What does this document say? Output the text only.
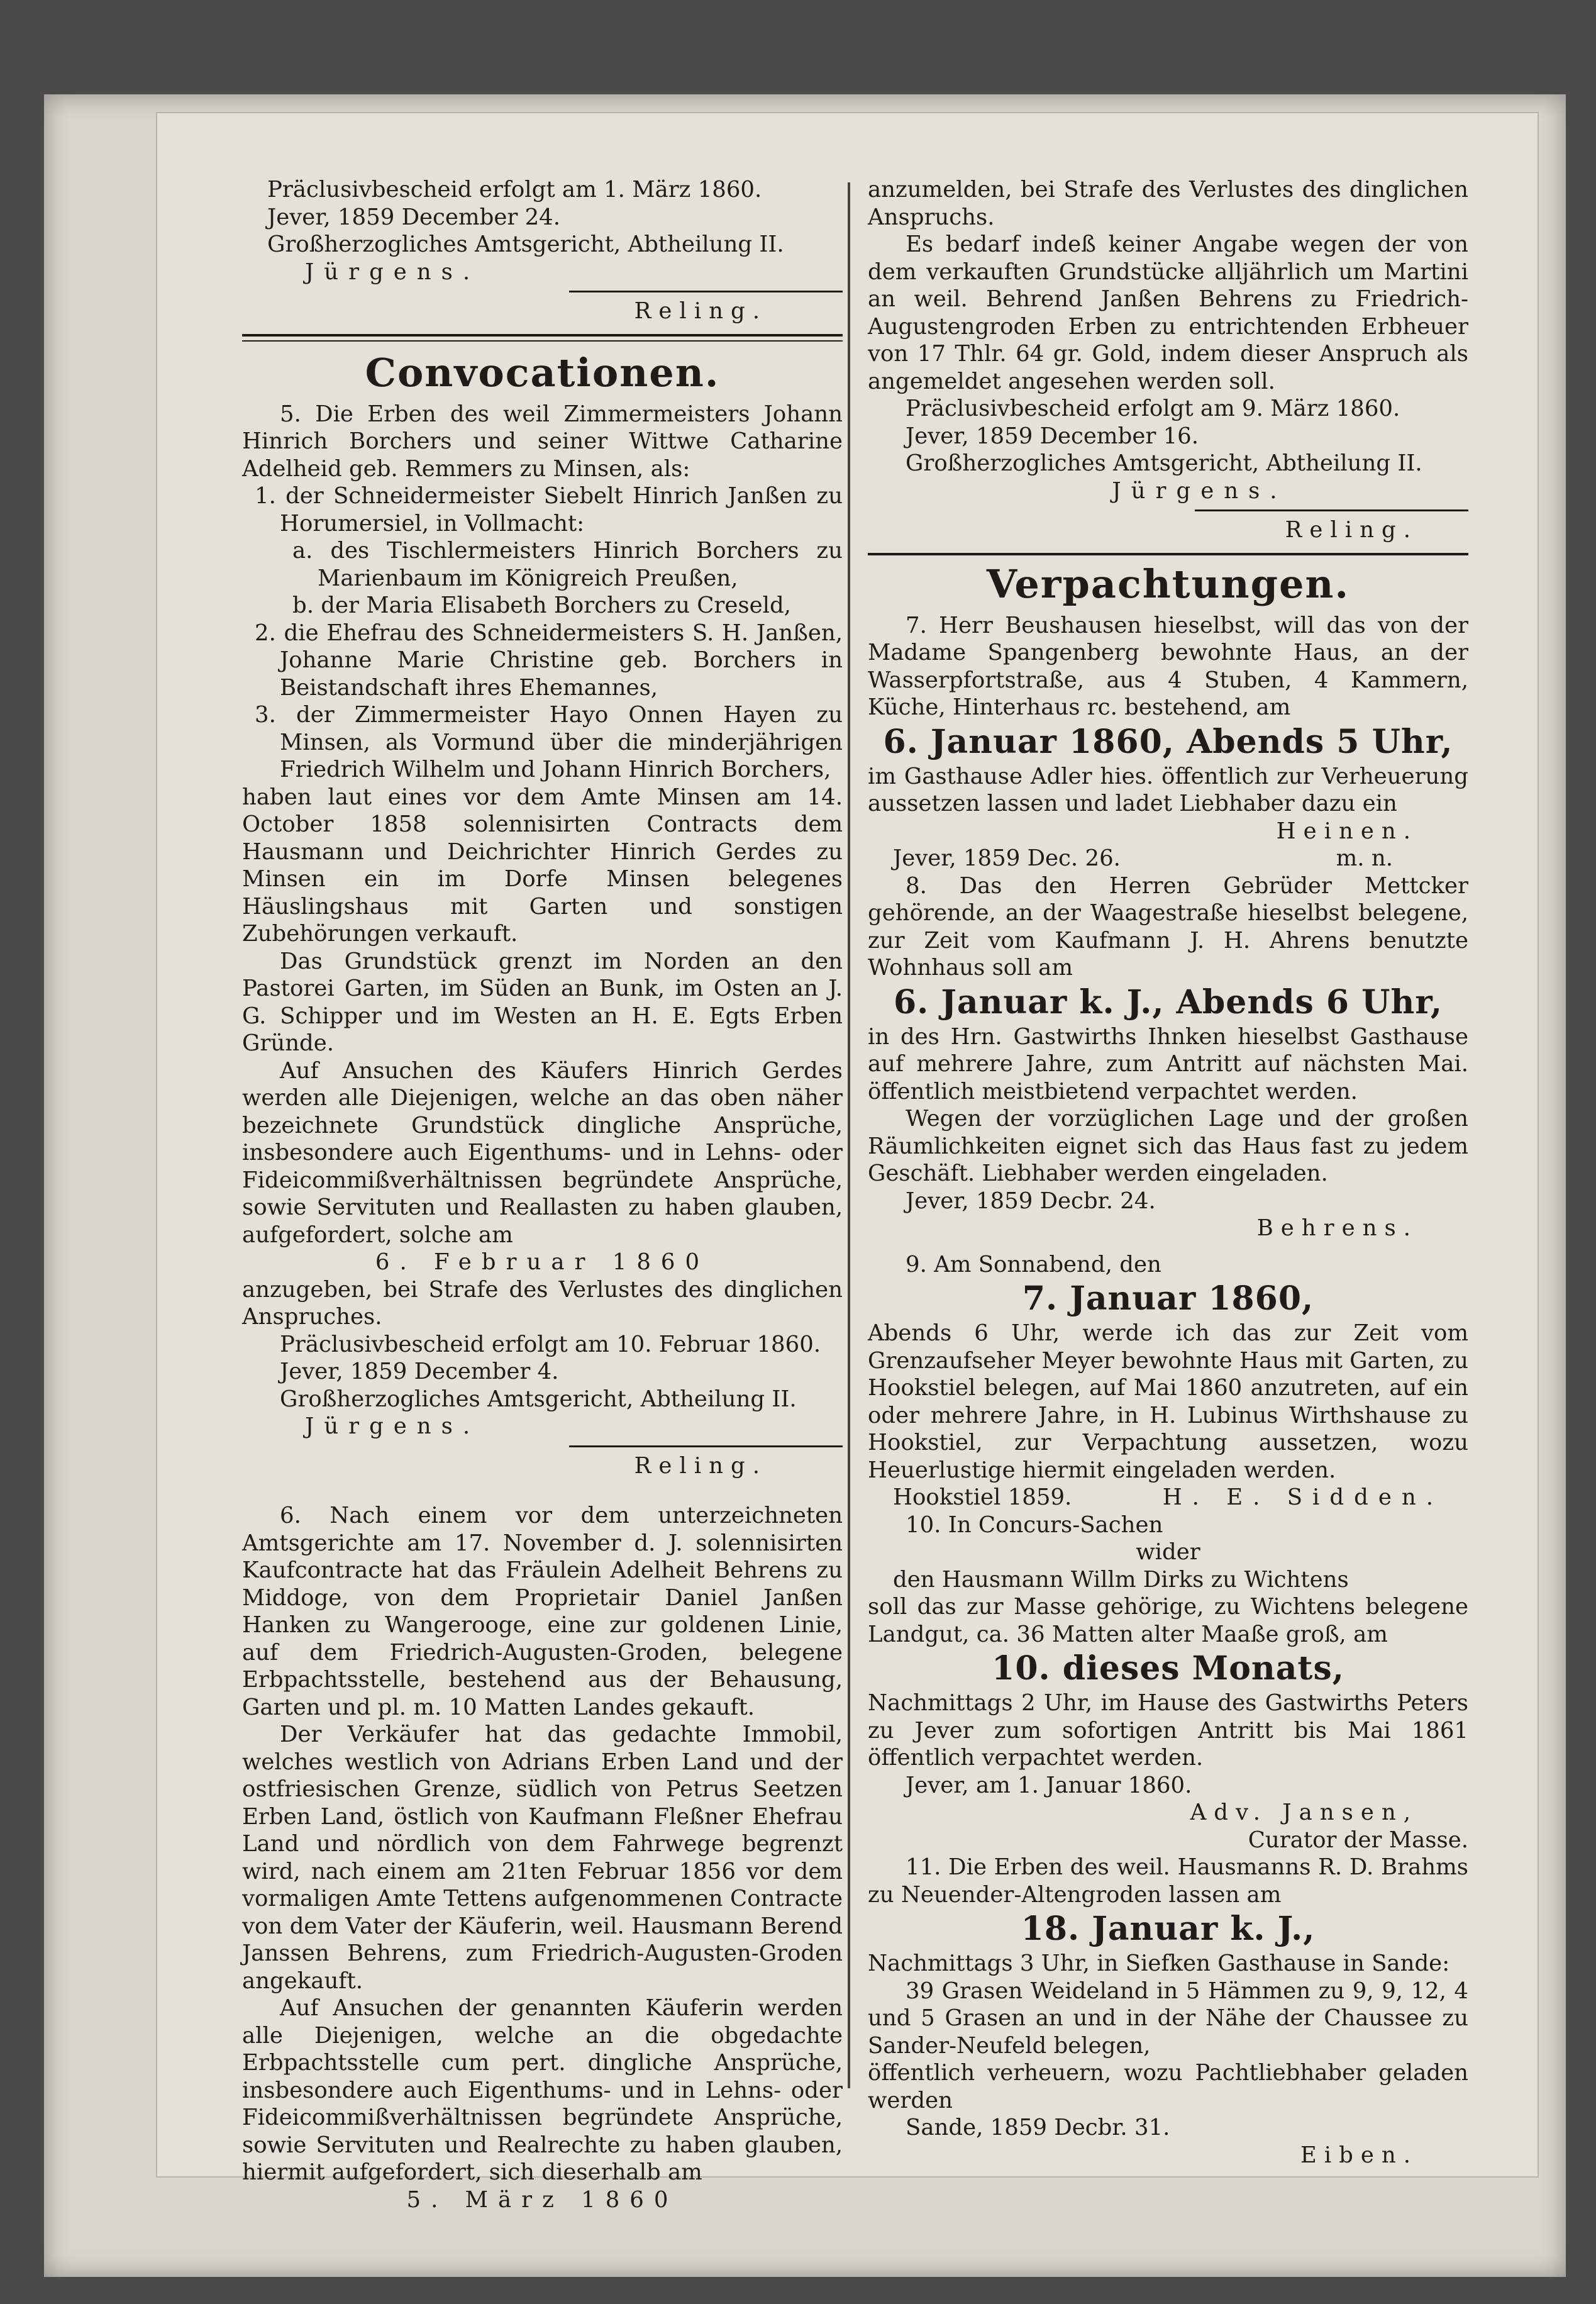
Präclusivbescheid erfolgt am 1. März 1860.

Jever, 1859 December 24.

Großherzogliches Amtsgericht, Abtheilung II.

Jürgens.

Reling.

Convocationen.

5. Die Erben des weil Zimmermeisters Johann Hinrich Borchers und seiner Wittwe Catharine Adelheid geb. Remmers zu Minsen, als:

1. der Schneidermeister Siebelt Hinrich Janßen zu Horumersiel, in Vollmacht:

a. des Tischlermeisters Hinrich Borchers zu Marienbaum im Königreich Preußen,

b. der Maria Elisabeth Borchers zu Creseld,

2. die Ehefrau des Schneidermeisters S. H. Janßen, Johanne Marie Christine geb. Borchers in Beistandschaft ihres Ehemannes,

3. der Zimmermeister Hayo Onnen Hayen zu Minsen, als Vormund über die minderjährigen Friedrich Wilhelm und Johann Hinrich Borchers,

haben laut eines vor dem Amte Minsen am 14. October 1858 solennisirten Contracts dem Hausmann und Deichrichter Hinrich Gerdes zu Minsen ein im Dorfe Minsen belegenes Häuslingshaus mit Garten und sonstigen Zubehörungen verkauft.

Das Grundstück grenzt im Norden an den Pastorei Garten, im Süden an Bunk, im Osten an J. G. Schipper und im Westen an H. E. Egts Erben Gründe.

Auf Ansuchen des Käufers Hinrich Gerdes werden alle Diejenigen, welche an das oben näher bezeichnete Grundstück dingliche Ansprüche, insbesondere auch Eigenthums- und in Lehns- oder Fideicommißverhältnissen begründete Ansprüche, sowie Servituten und Reallasten zu haben glauben, aufgefordert, solche am

6. Februar 1860

anzugeben, bei Strafe des Verlustes des dinglichen Anspruches.

Präclusivbescheid erfolgt am 10. Februar 1860.

Jever, 1859 December 4.

Großherzogliches Amtsgericht, Abtheilung II.

Jürgens.

Reling.

6. Nach einem vor dem unterzeichneten Amtsgerichte am 17. November d. J. solennisirten Kaufcontracte hat das Fräulein Adelheit Behrens zu Middoge, von dem Proprietair Daniel Janßen Hanken zu Wangerooge, eine zur goldenen Linie, auf dem Friedrich-Augusten-Groden, belegene Erbpachtsstelle, bestehend aus der Behausung, Garten und pl. m. 10 Matten Landes gekauft.

Der Verkäufer hat das gedachte Immobil, welches westlich von Adrians Erben Land und der ostfriesischen Grenze, südlich von Petrus Seetzen Erben Land, östlich von Kaufmann Fleßner Ehefrau Land und nördlich von dem Fahrwege begrenzt wird, nach einem am 21ten Februar 1856 vor dem vormaligen Amte Tettens aufgenommenen Contracte von dem Vater der Käuferin, weil. Hausmann Berend Janssen Behrens, zum Friedrich-Augusten-Groden angekauft.

Auf Ansuchen der genannten Käuferin werden alle Diejenigen, welche an die obgedachte Erbpachtsstelle cum pert. dingliche Ansprüche, insbesondere auch Eigenthums- und in Lehns- oder Fideicommißverhältnissen begründete Ansprüche, sowie Servituten und Realrechte zu haben glauben, hiermit aufgefordert, sich dieserhalb am

5. März 1860

anzumelden, bei Strafe des Verlustes des dinglichen Anspruchs.

Es bedarf indeß keiner Angabe wegen der von dem verkauften Grundstücke alljährlich um Martini an weil. Behrend Janßen Behrens zu Friedrich-Augustengroden Erben zu entrichtenden Erbheuer von 17 Thlr. 64 gr. Gold, indem dieser Anspruch als angemeldet angesehen werden soll.

Präclusivbescheid erfolgt am 9. März 1860.

Jever, 1859 December 16.

Großherzogliches Amtsgericht, Abtheilung II.

Jürgens.

Reling.

Verpachtungen.

7. Herr Beushausen hieselbst, will das von der Madame Spangenberg bewohnte Haus, an der Wasserpfortstraße, aus 4 Stuben, 4 Kammern, Küche, Hinterhaus rc. bestehend, am

6. Januar 1860, Abends 5 Uhr,

im Gasthause Adler hies. öffentlich zur Verheuerung aussetzen lassen und ladet Liebhaber dazu ein

Heinen.

Jever, 1859 Dec. 26.	m. n.

8. Das den Herren Gebrüder Mettcker gehörende, an der Waagestraße hieselbst belegene, zur Zeit vom Kaufmann J. H. Ahrens benutzte Wohnhaus soll am

6. Januar k. J., Abends 6 Uhr,

in des Hrn. Gastwirths Ihnken hieselbst Gasthause auf mehrere Jahre, zum Antritt auf nächsten Mai. öffentlich meistbietend verpachtet werden.

Wegen der vorzüglichen Lage und der großen Räumlichkeiten eignet sich das Haus fast zu jedem Geschäft. Liebhaber werden eingeladen.

Jever, 1859 Decbr. 24.

Behrens.

9. Am Sonnabend, den

7. Januar 1860,

Abends 6 Uhr, werde ich das zur Zeit vom Grenzaufseher Meyer bewohnte Haus mit Garten, zu Hookstiel belegen, auf Mai 1860 anzutreten, auf ein oder mehrere Jahre, in H. Lubinus Wirthshause zu Hookstiel, zur Verpachtung aussetzen, wozu Heuerlustige hiermit eingeladen werden.

Hookstiel 1859.	H. E. Sidden.

10. In Concurs-Sachen

wider

den Hausmann Willm Dirks zu Wichtens

soll das zur Masse gehörige, zu Wichtens belegene Landgut, ca. 36 Matten alter Maaße groß, am

10. dieses Monats,

Nachmittags 2 Uhr, im Hause des Gastwirths Peters zu Jever zum sofortigen Antritt bis Mai 1861 öffentlich verpachtet werden.

Jever, am 1. Januar 1860.

Adv. Jansen,

Curator der Masse.

11. Die Erben des weil. Hausmanns R. D. Brahms zu Neuender-Altengroden lassen am

18. Januar k. J.,

Nachmittags 3 Uhr, in Siefken Gasthause in Sande:

39 Grasen Weideland in 5 Hämmen zu 9, 9, 12, 4 und 5 Grasen an und in der Nähe der Chaussee zu Sander-Neufeld belegen,

öffentlich verheuern, wozu Pachtliebhaber geladen werden

Sande, 1859 Decbr. 31.

Eiben.
